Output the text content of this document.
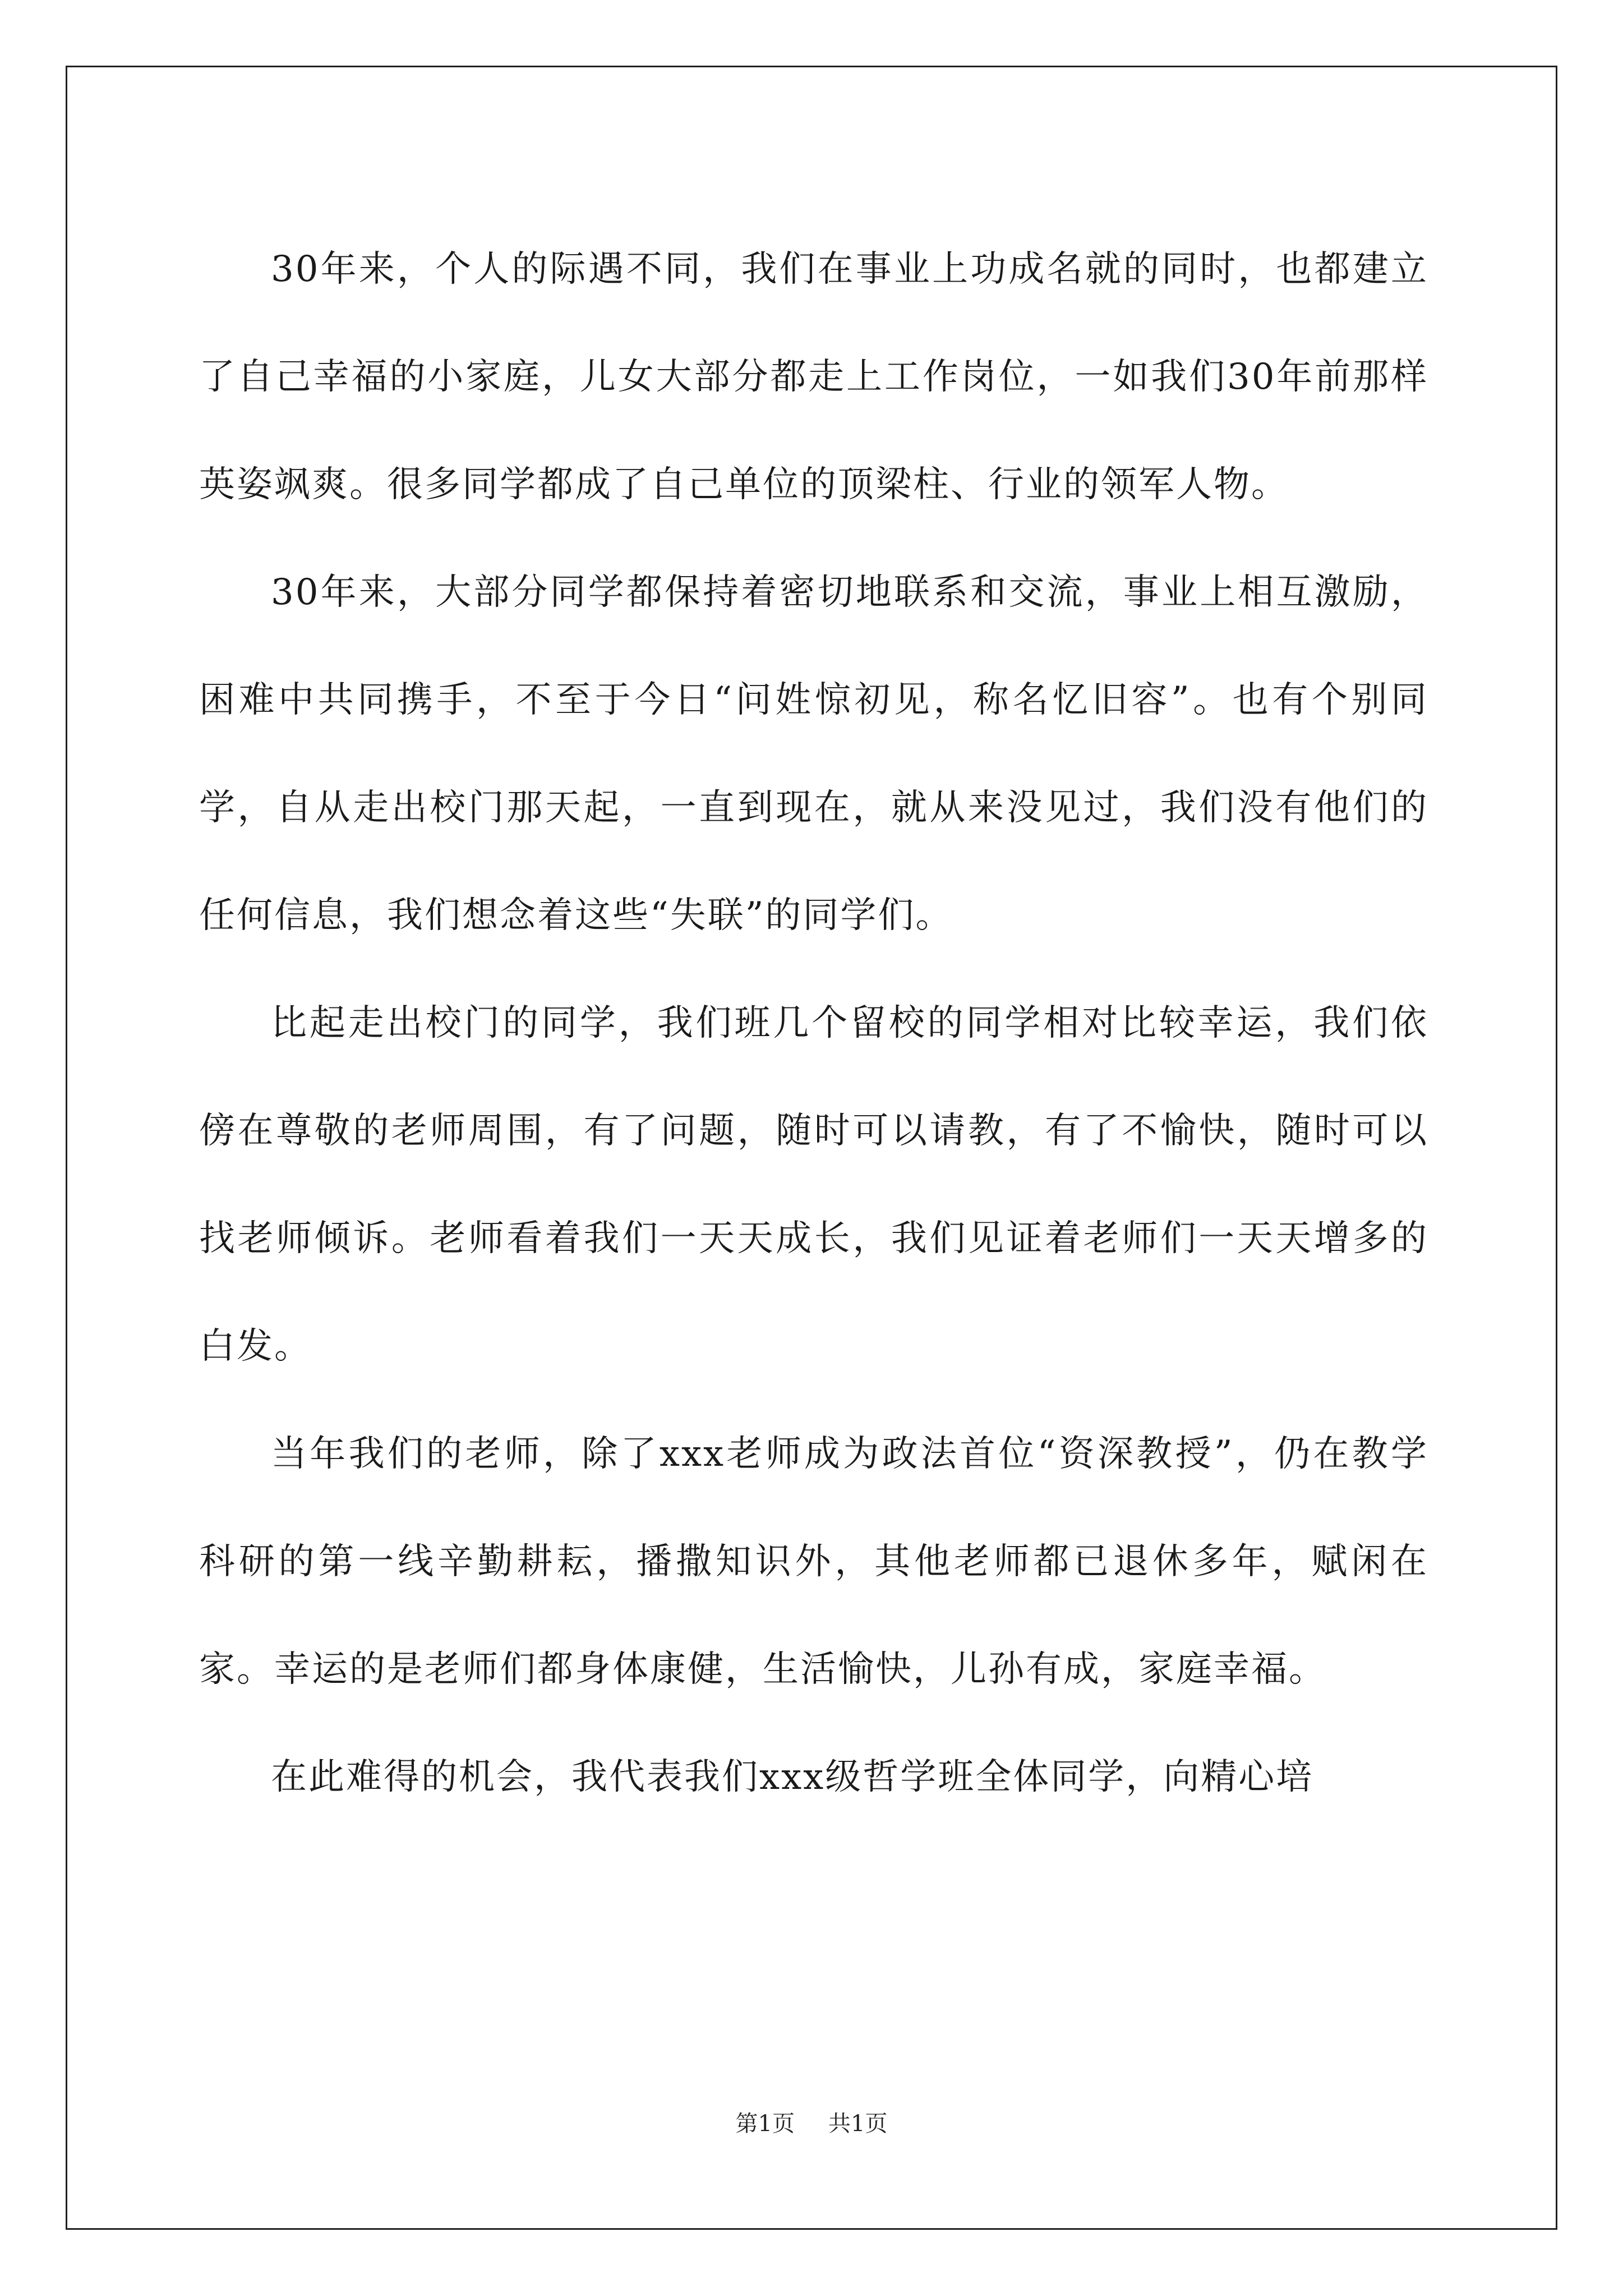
30年来，个人的际遇不同，我们在事业上功成名就的同时，也都建立了自己幸福的小家庭，儿女大部分都走上工作岗位，一如我们30年前那样英姿飒爽。很多同学都成了自己单位的顶梁柱、行业的领军人物。

30年来，大部分同学都保持着密切地联系和交流，事业上相互激励，困难中共同携手，不至于今日“问姓惊初见，称名忆旧容”。也有个别同学，自从走出校门那天起，一直到现在，就从来没见过，我们没有他们的任何信息，我们想念着这些“失联”的同学们。

比起走出校门的同学，我们班几个留校的同学相对比较幸运，我们依傍在尊敬的老师周围，有了问题，随时可以请教，有了不愉快，随时可以找老师倾诉。老师看着我们一天天成长，我们见证着老师们一天天增多的白发。

当年我们的老师，除了xxx老师成为政法首位“资深教授”，仍在教学科研的第一线辛勤耕耘，播撒知识外，其他老师都已退休多年，赋闲在家。幸运的是老师们都身体康健，生活愉快，儿孙有成，家庭幸福。

在此难得的机会，我代表我们xxx级哲学班全体同学，向精心培

第1页 共1页
